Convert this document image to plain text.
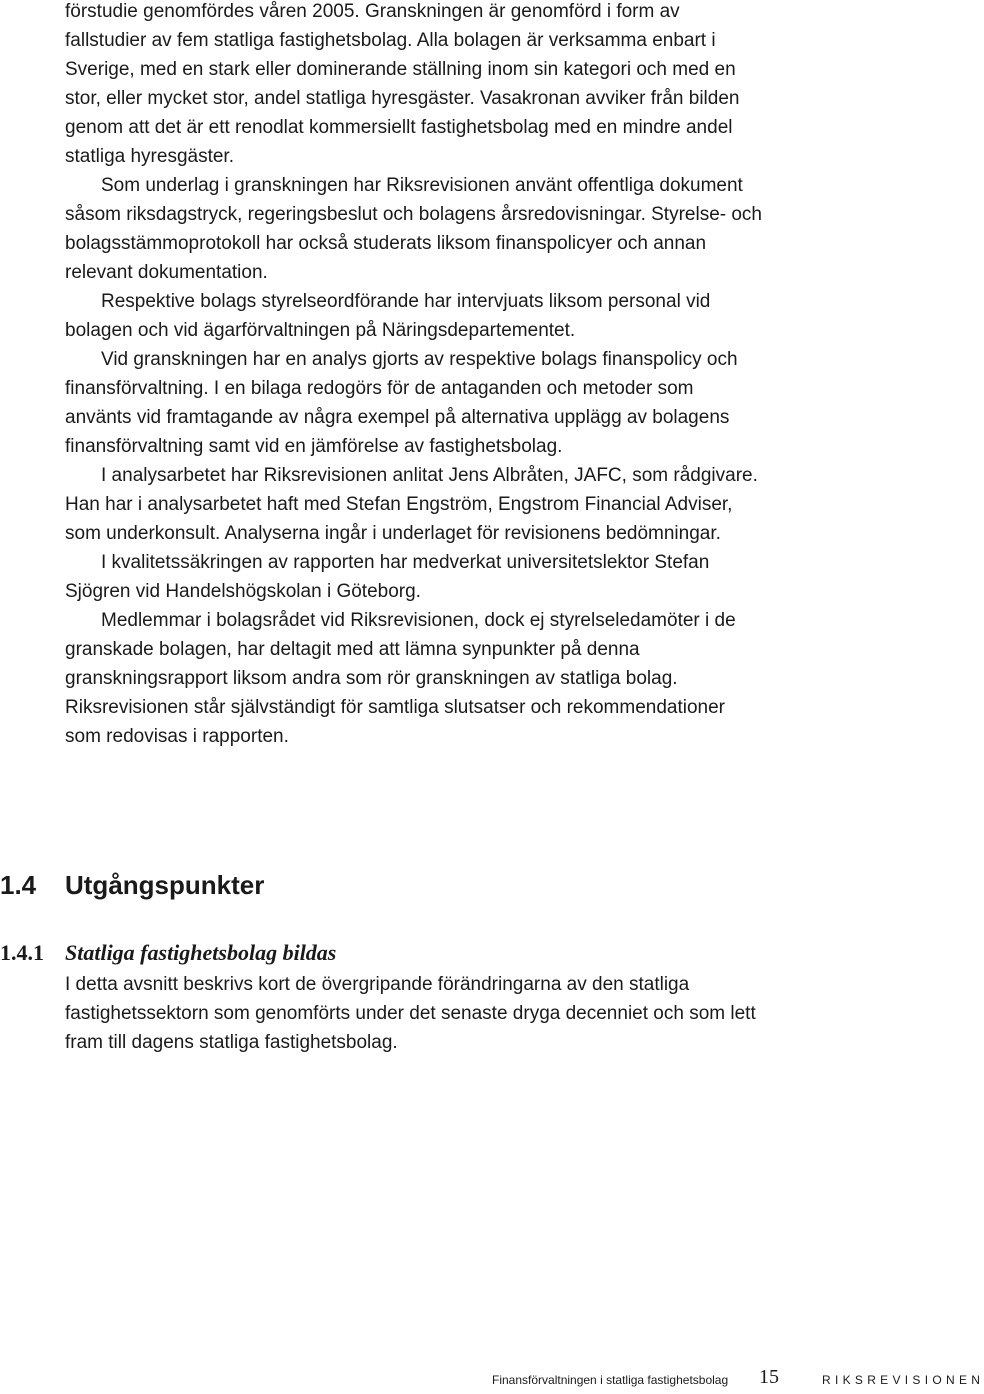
förstudie genomfördes våren 2005. Granskningen är genomförd i form av fallstudier av fem statliga fastighetsbolag. Alla bolagen är verksamma enbart i Sverige, med en stark eller dominerande ställning inom sin kategori och med en stor, eller mycket stor, andel statliga hyresgäster. Vasakronan avviker från bilden genom att det är ett renodlat kommersiellt fastighetsbolag med en mindre andel statliga hyresgäster.

Som underlag i granskningen har Riksrevisionen använt offentliga dokument såsom riksdagstryck, regeringsbeslut och bolagens årsredovisningar. Styrelse- och bolagsstämmoprotokoll har också studerats liksom finanspolicyer och annan relevant dokumentation.

Respektive bolags styrelseordförande har intervjuats liksom personal vid bolagen och vid ägarförvaltningen på Näringsdepartementet.

Vid granskningen har en analys gjorts av respektive bolags finanspolicy och finansförvaltning. I en bilaga redogörs för de antaganden och metoder som använts vid framtagande av några exempel på alternativa upplägg av bolagens finansförvaltning samt vid en jämförelse av fastighetsbolag.

I analysarbetet har Riksrevisionen anlitat Jens Albråten, JAFC, som rådgivare. Han har i analysarbetet haft med Stefan Engström, Engstrom Financial Adviser, som underkonsult. Analyserna ingår i underlaget för revisionens bedömningar.

I kvalitetssäkringen av rapporten har medverkat universitetslektor Stefan Sjögren vid Handelshögskolan i Göteborg.

Medlemmar i bolagsrådet vid Riksrevisionen, dock ej styrelseledamöter i de granskade bolagen, har deltagit med att lämna synpunkter på denna granskningsrapport liksom andra som rör granskningen av statliga bolag. Riksrevisionen står självständigt för samtliga slutsatser och rekommendationer som redovisas i rapporten.

1.4 Utgångspunkter
1.4.1 Statliga fastighetsbolag bildas

I detta avsnitt beskrivs kort de övergripande förändringarna av den statliga fastighetssektorn som genomförts under det senaste dryga decenniet och som lett fram till dagens statliga fastighetsbolag.

Finansförvaltningen i statliga fastighetsbolag 15	RIKSREVISIONEN
